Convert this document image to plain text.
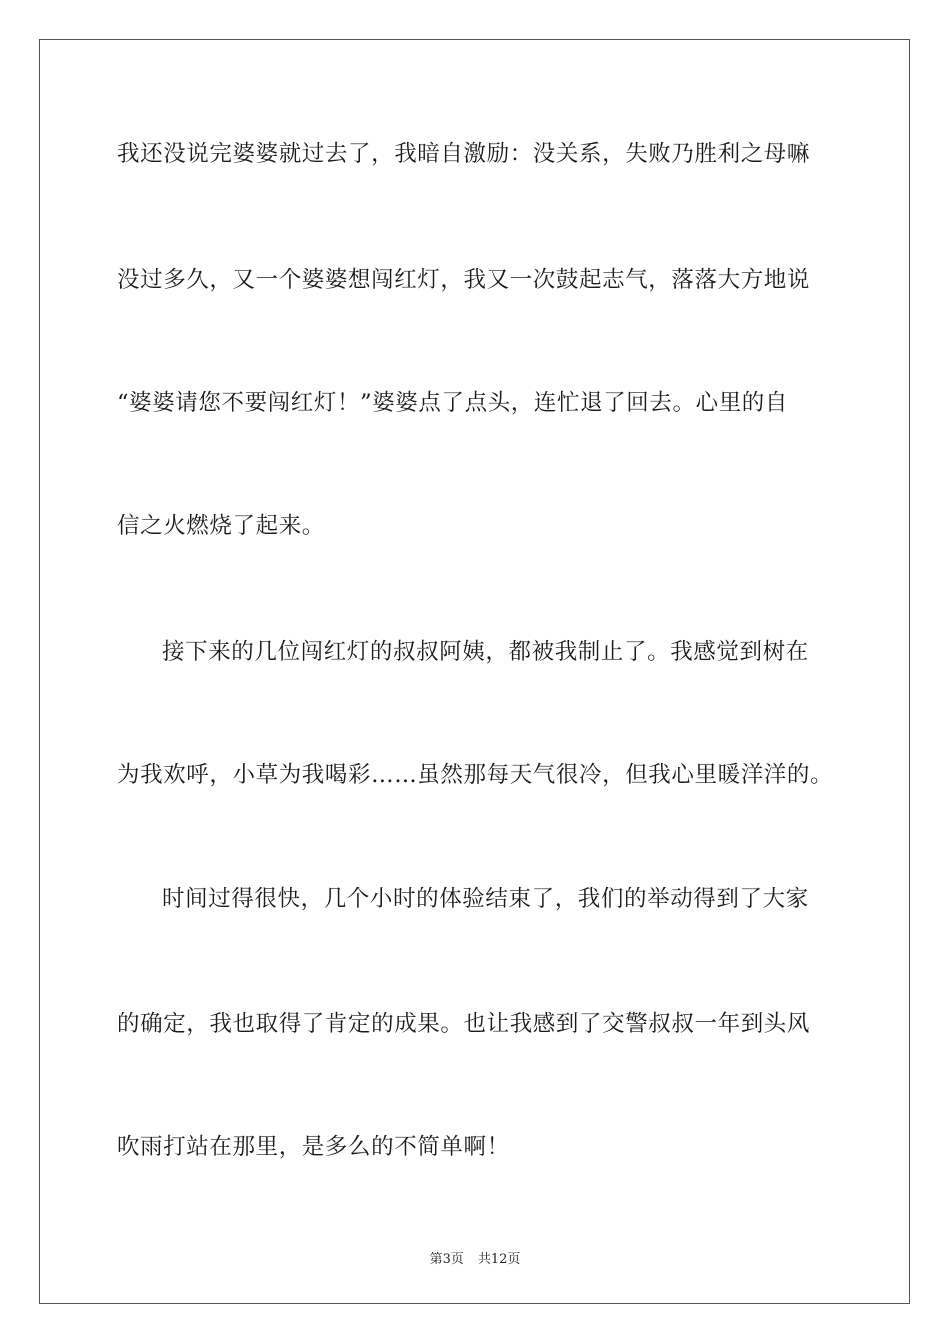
我还没说完婆婆就过去了，我暗自激励：没关系，失败乃胜利之母嘛
没过多久，又一个婆婆想闯红灯，我又一次鼓起志气，落落大方地说
“婆婆请您不要闯红灯！”婆婆点了点头，连忙退了回去。心里的自
信之火燃烧了起来。
接下来的几位闯红灯的叔叔阿姨，都被我制止了。我感觉到树在
为我欢呼，小草为我喝彩……虽然那每天气很冷，但我心里暖洋洋的。
时间过得很快，几个小时的体验结束了，我们的举动得到了大家
的确定，我也取得了肯定的成果。也让我感到了交警叔叔一年到头风
吹雨打站在那里，是多么的不简单啊！
第3页 共12页
